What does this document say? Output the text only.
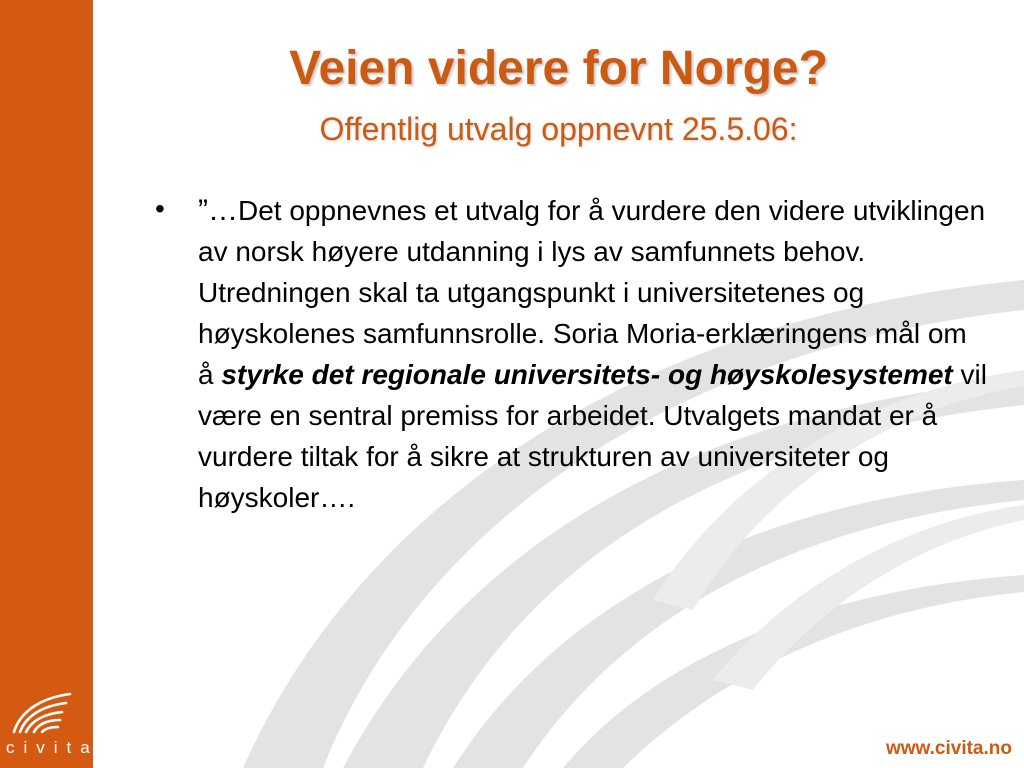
civita
Veien videre for Norge?
Offentlig utvalg oppnevnt 25.5.06:
• ”…Det oppnevnes et utvalg for å vurdere den videre utviklingen av norsk høyere utdanning i lys av samfunnets behov. Utredningen skal ta utgangspunkt i universitetenes og høyskolenes samfunnsrolle. Soria Moria-erklæringens mål om å styrke det regionale universitets- og høyskolesystemet vil være en sentral premiss for arbeidet. Utvalgets mandat er å vurdere tiltak for å sikre at strukturen av universiteter og høyskoler….
www.civita.no
